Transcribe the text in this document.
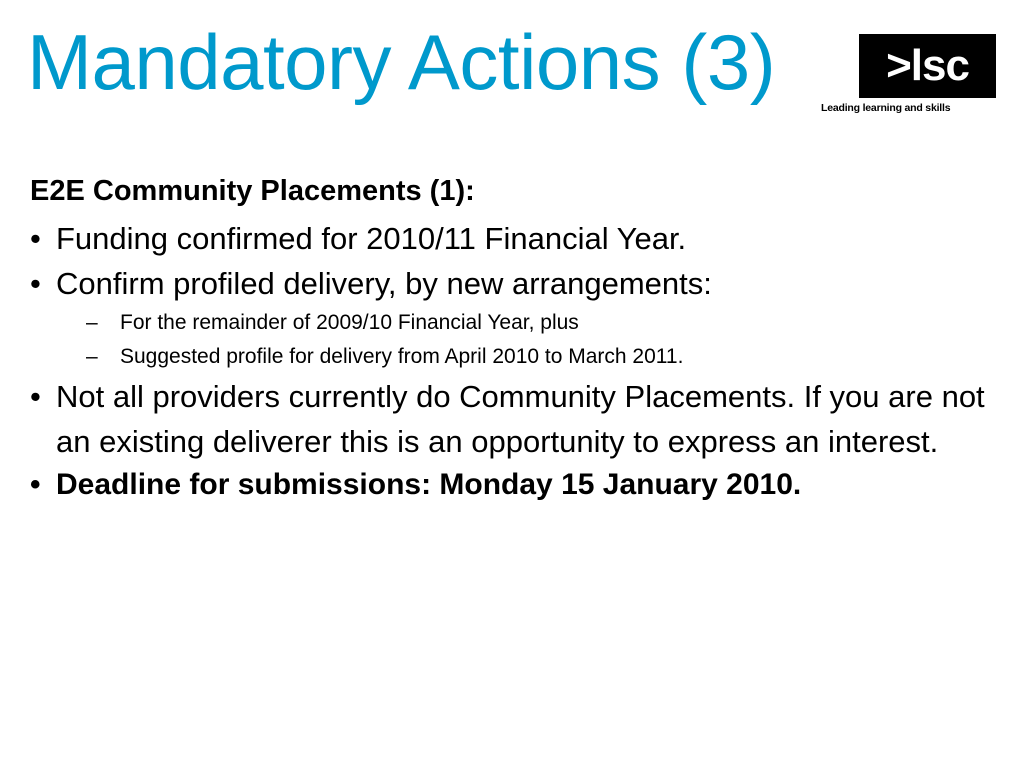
Mandatory Actions (3)	>lsc
Leading learning and skills

E2E Community Placements (1):

• Funding confirmed for 2010/11 Financial Year.
• Confirm profiled delivery, by new arrangements:
– For the remainder of 2009/10 Financial Year, plus
– Suggested profile for delivery from April 2010 to March 2011.
• Not all providers currently do Community Placements. If you are not an existing deliverer this is an opportunity to express an interest.
• Deadline for submissions: Monday 15 January 2010.
